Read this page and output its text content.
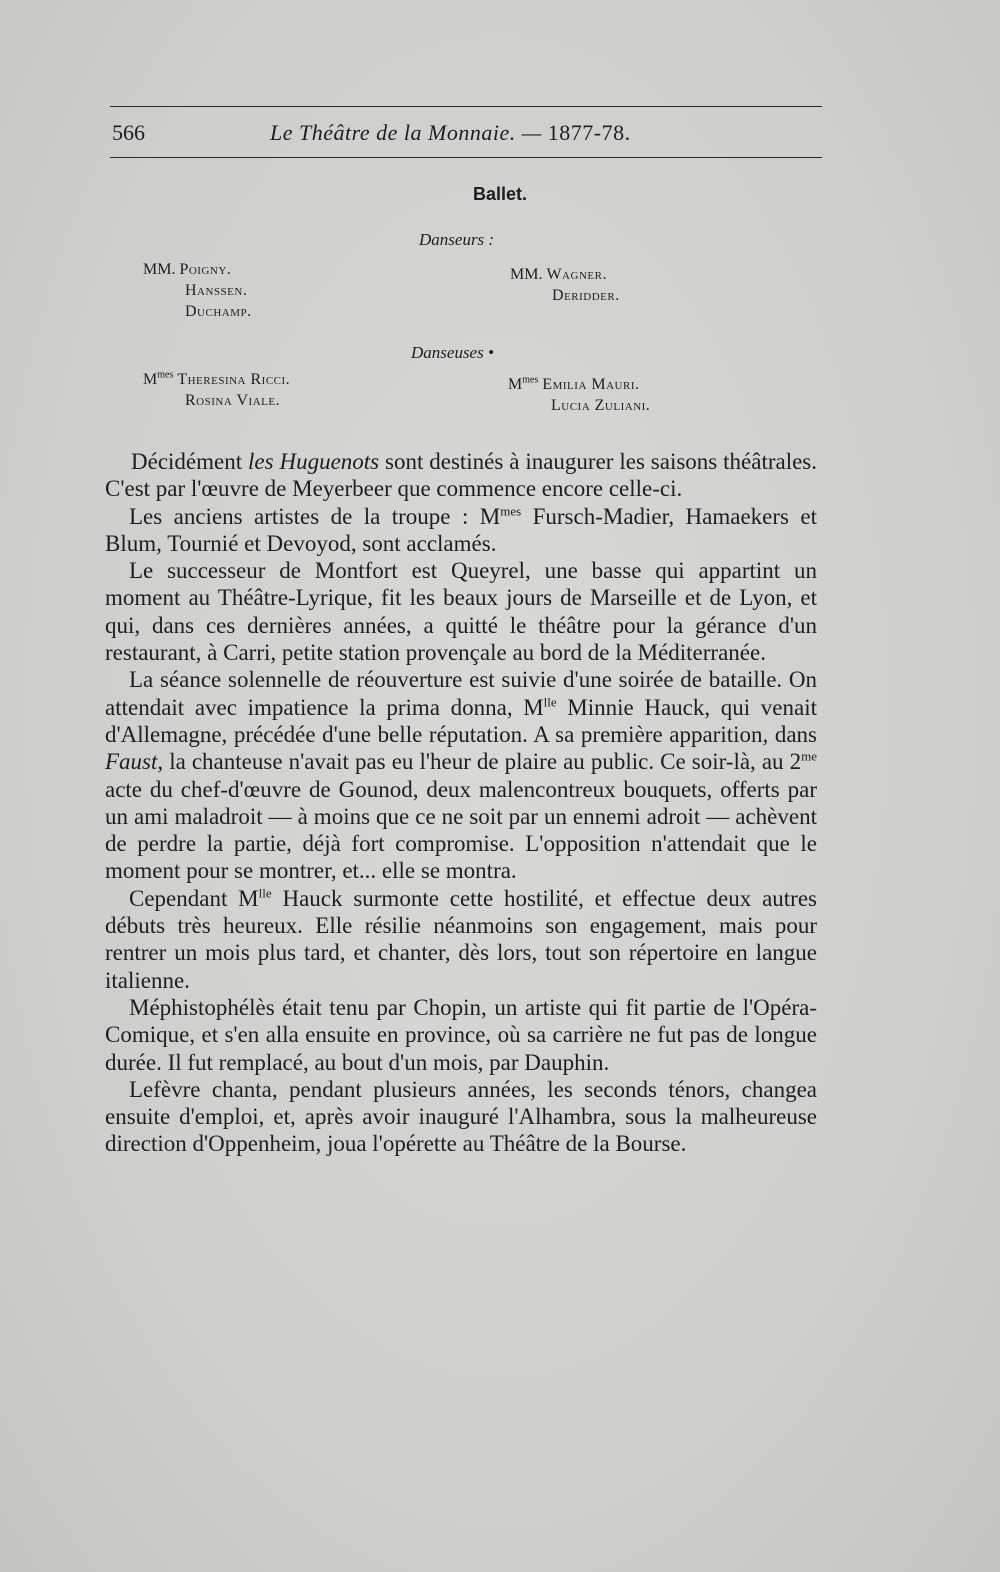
566	Le Théâtre de la Monnaie. — 1877-78.
Ballet.
Danseurs :
MM. Poigny.
Hanssen.
Duchamp.
MM. Wagner.
Deridder.
Danseuses •
$M^{mes}$ Theresina Ricci.
Rosina Viale.
$M^{mes}$ Emilia Mauri.
Lucia Zuliani.

Décidément les Huguenots sont destinés à inaugurer les saisons théâtrales. C'est par l'œuvre de Meyerbeer que commence encore celle-ci.

Les anciens artistes de la troupe : $M^{mes}$ Fursch-Madier, Hamaekers et Blum, Tournié et Devoyod, sont acclamés.

Le successeur de Montfort est Queyrel, une basse qui appartint un moment au Théâtre-Lyrique, fit les beaux jours de Marseille et de Lyon, et qui, dans ces dernières années, a quitté le théâtre pour la gérance d'un restaurant, à Carri, petite station provençale au bord de la Méditerranée.

La séance solennelle de réouverture est suivie d'une soirée de bataille. On attendait avec impatience la prima donna, $M^{lle}$ Minnie Hauck, qui venait d'Allemagne, précédée d'une belle réputation. A sa première apparition, dans Faust, la chanteuse n'avait pas eu l'heur de plaire au public. Ce soir-là, au $2^{me}$ acte du chef-d'œuvre de Gounod, deux malencontreux bouquets, offerts par un ami maladroit — à moins que ce ne soit par un ennemi adroit — achèvent de perdre la partie, déjà fort compromise. L'opposition n'attendait que le moment pour se montrer, et... elle se montra.

Cependant $M^{lle}$ Hauck surmonte cette hostilité, et effectue deux autres débuts très heureux. Elle résilie néanmoins son engagement, mais pour rentrer un mois plus tard, et chanter, dès lors, tout son répertoire en langue italienne.

Méphistophélès était tenu par Chopin, un artiste qui fit partie de l'Opéra-Comique, et s'en alla ensuite en province, où sa carrière ne fut pas de longue durée. Il fut remplacé, au bout d'un mois, par Dauphin.

Lefèvre chanta, pendant plusieurs années, les seconds ténors, changea ensuite d'emploi, et, après avoir inauguré l'Alhambra, sous la malheureuse direction d'Oppenheim, joua l'opérette au Théâtre de la Bourse.
